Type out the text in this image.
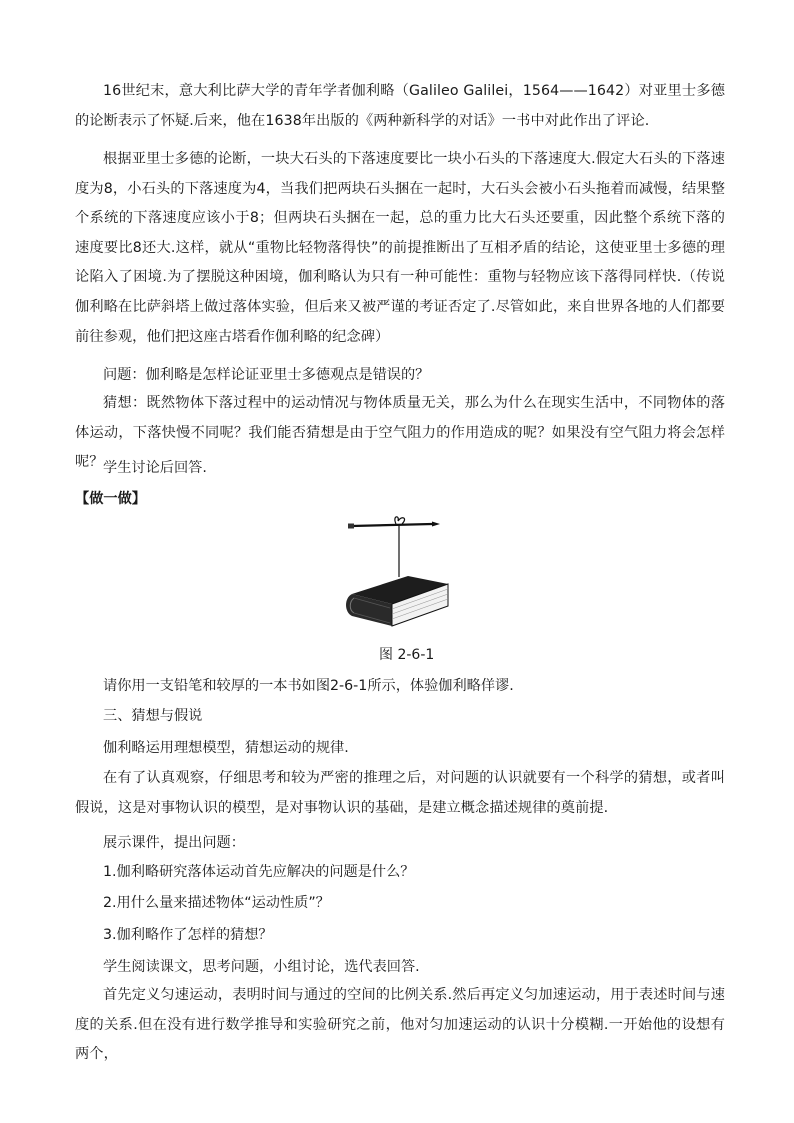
16世纪末，意大利比萨大学的青年学者伽利略（Galileo Galilei，1564——1642）对亚里士多德的论断表示了怀疑.后来，他在1638年出版的《两种新科学的对话》一书中对此作出了评论.

根据亚里士多德的论断，一块大石头的下落速度要比一块小石头的下落速度大.假定大石头的下落速度为8，小石头的下落速度为4，当我们把两块石头捆在一起时，大石头会被小石头拖着而减慢，结果整个系统的下落速度应该小于8；但两块石头捆在一起，总的重力比大石头还要重，因此整个系统下落的速度要比8还大.这样，就从“重物比轻物落得快”的前提推断出了互相矛盾的结论，这使亚里士多德的理论陷入了困境.为了摆脱这种困境，伽利略认为只有一种可能性：重物与轻物应该下落得同样快.（传说伽利略在比萨斜塔上做过落体实验，但后来又被严谨的考证否定了.尽管如此，来自世界各地的人们都要前往参观，他们把这座古塔看作伽利略的纪念碑）

问题：伽利略是怎样论证亚里士多德观点是错误的？

猜想：既然物体下落过程中的运动情况与物体质量无关，那么为什么在现实生活中，不同物体的落体运动，下落快慢不同呢？我们能否猜想是由于空气阻力的作用造成的呢？如果没有空气阻力将会怎样呢？ 学生讨论后回答.

【做一做】
图 2-6-1

请你用一支铅笔和较厚的一本书如图2-6-1所示，体验伽利略佯谬.

三、猜想与假说

伽利略运用理想模型，猜想运动的规律.

在有了认真观察，仔细思考和较为严密的推理之后，对问题的认识就要有一个科学的猜想，或者叫假说，这是对事物认识的模型，是对事物认识的基础，是建立概念描述规律的奠前提.

展示课件，提出问题：

1.伽利略研究落体运动首先应解决的问题是什么？

2.用什么量来描述物体“运动性质”？

3.伽利略作了怎样的猜想？

学生阅读课文，思考问题，小组讨论，选代表回答.

首先定义匀速运动，表明时间与通过的空间的比例关系.然后再定义匀加速运动，用于表述时间与速度的关系.但在没有进行数学推导和实验研究之前，他对匀加速运动的认识十分模糊.一开始他的设想有两个，
